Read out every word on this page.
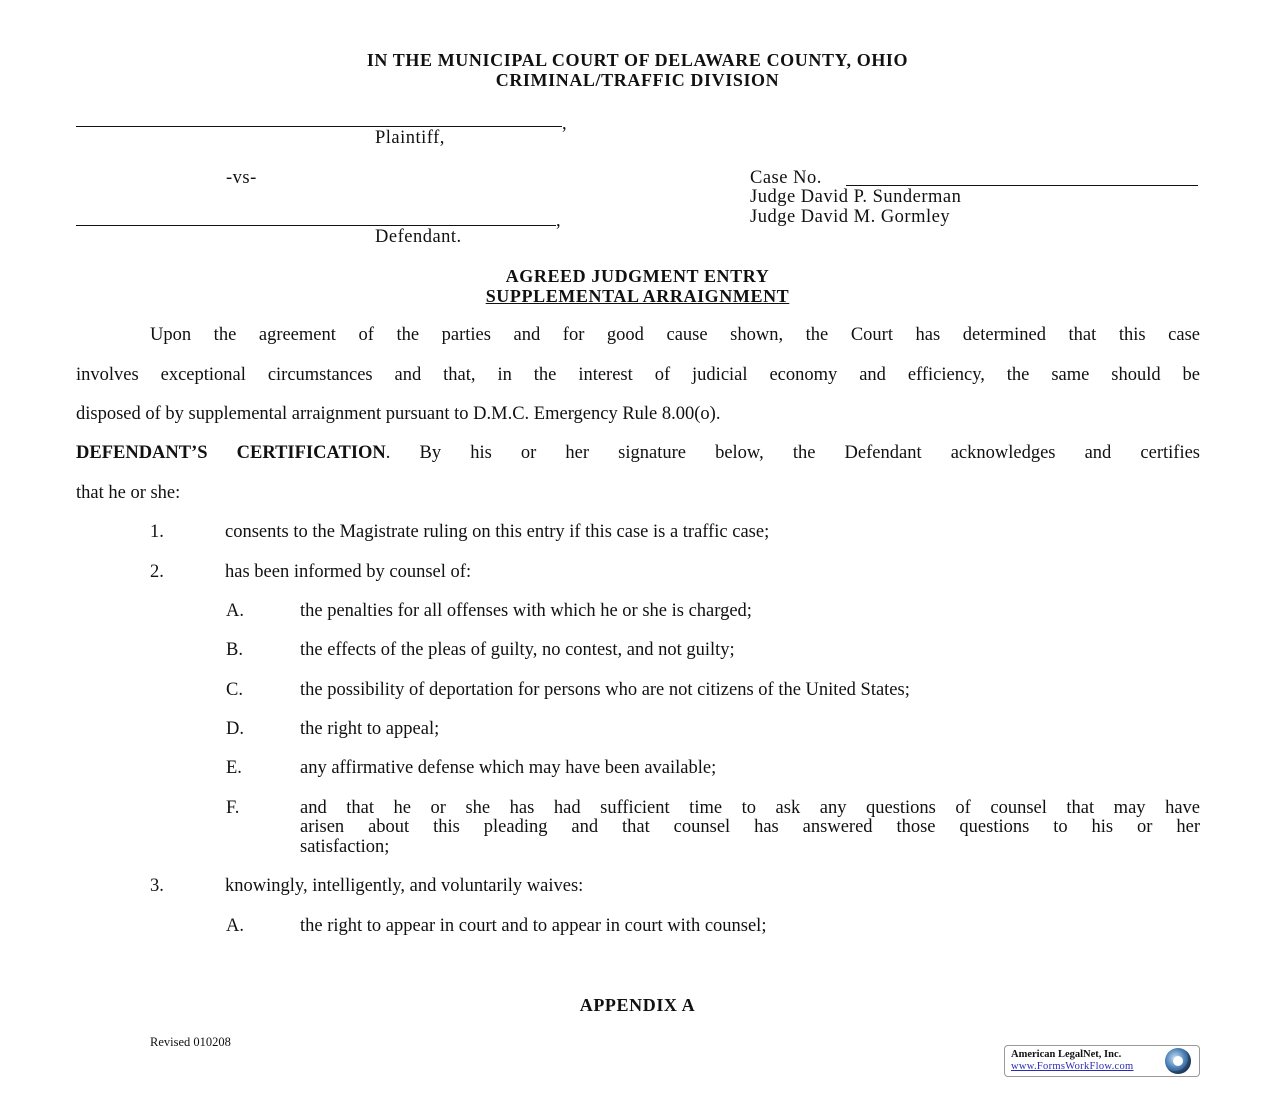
IN THE MUNICIPAL COURT OF DELAWARE COUNTY, OHIO
CRIMINAL/TRAFFIC DIVISION
,
Plaintiff,
-vs-
,
Defendant.
Case No.
Judge David P. Sunderman
Judge David M. Gormley
AGREED JUDGMENT ENTRY
SUPPLEMENTAL ARRAIGNMENT
Upon the agreement of the parties and for good cause shown, the Court has determined that this case
involves exceptional circumstances and that, in the interest of judicial economy and efficiency, the same should be
disposed of by supplemental arraignment pursuant to D.M.C. Emergency Rule 8.00(o).
DEFENDANT’S CERTIFICATION. By his or her signature below, the Defendant acknowledges and certifies
that he or she:
1.	consents to the Magistrate ruling on this entry if this case is a traffic case;
2.	has been informed by counsel of:
A.	the penalties for all offenses with which he or she is charged;
B.	the effects of the pleas of guilty, no contest, and not guilty;
C.	the possibility of deportation for persons who are not citizens of the United States;
D.	the right to appeal;
E.	any affirmative defense which may have been available;
F.	and that he or she has had sufficient time to ask any questions of counsel that may have
arisen about this pleading and that counsel has answered those questions to his or her
satisfaction;
3.	knowingly, intelligently, and voluntarily waives:
A.	the right to appear in court and to appear in court with counsel;
APPENDIX A
Revised 010208
American LegalNet, Inc.
www.FormsWorkFlow.com
